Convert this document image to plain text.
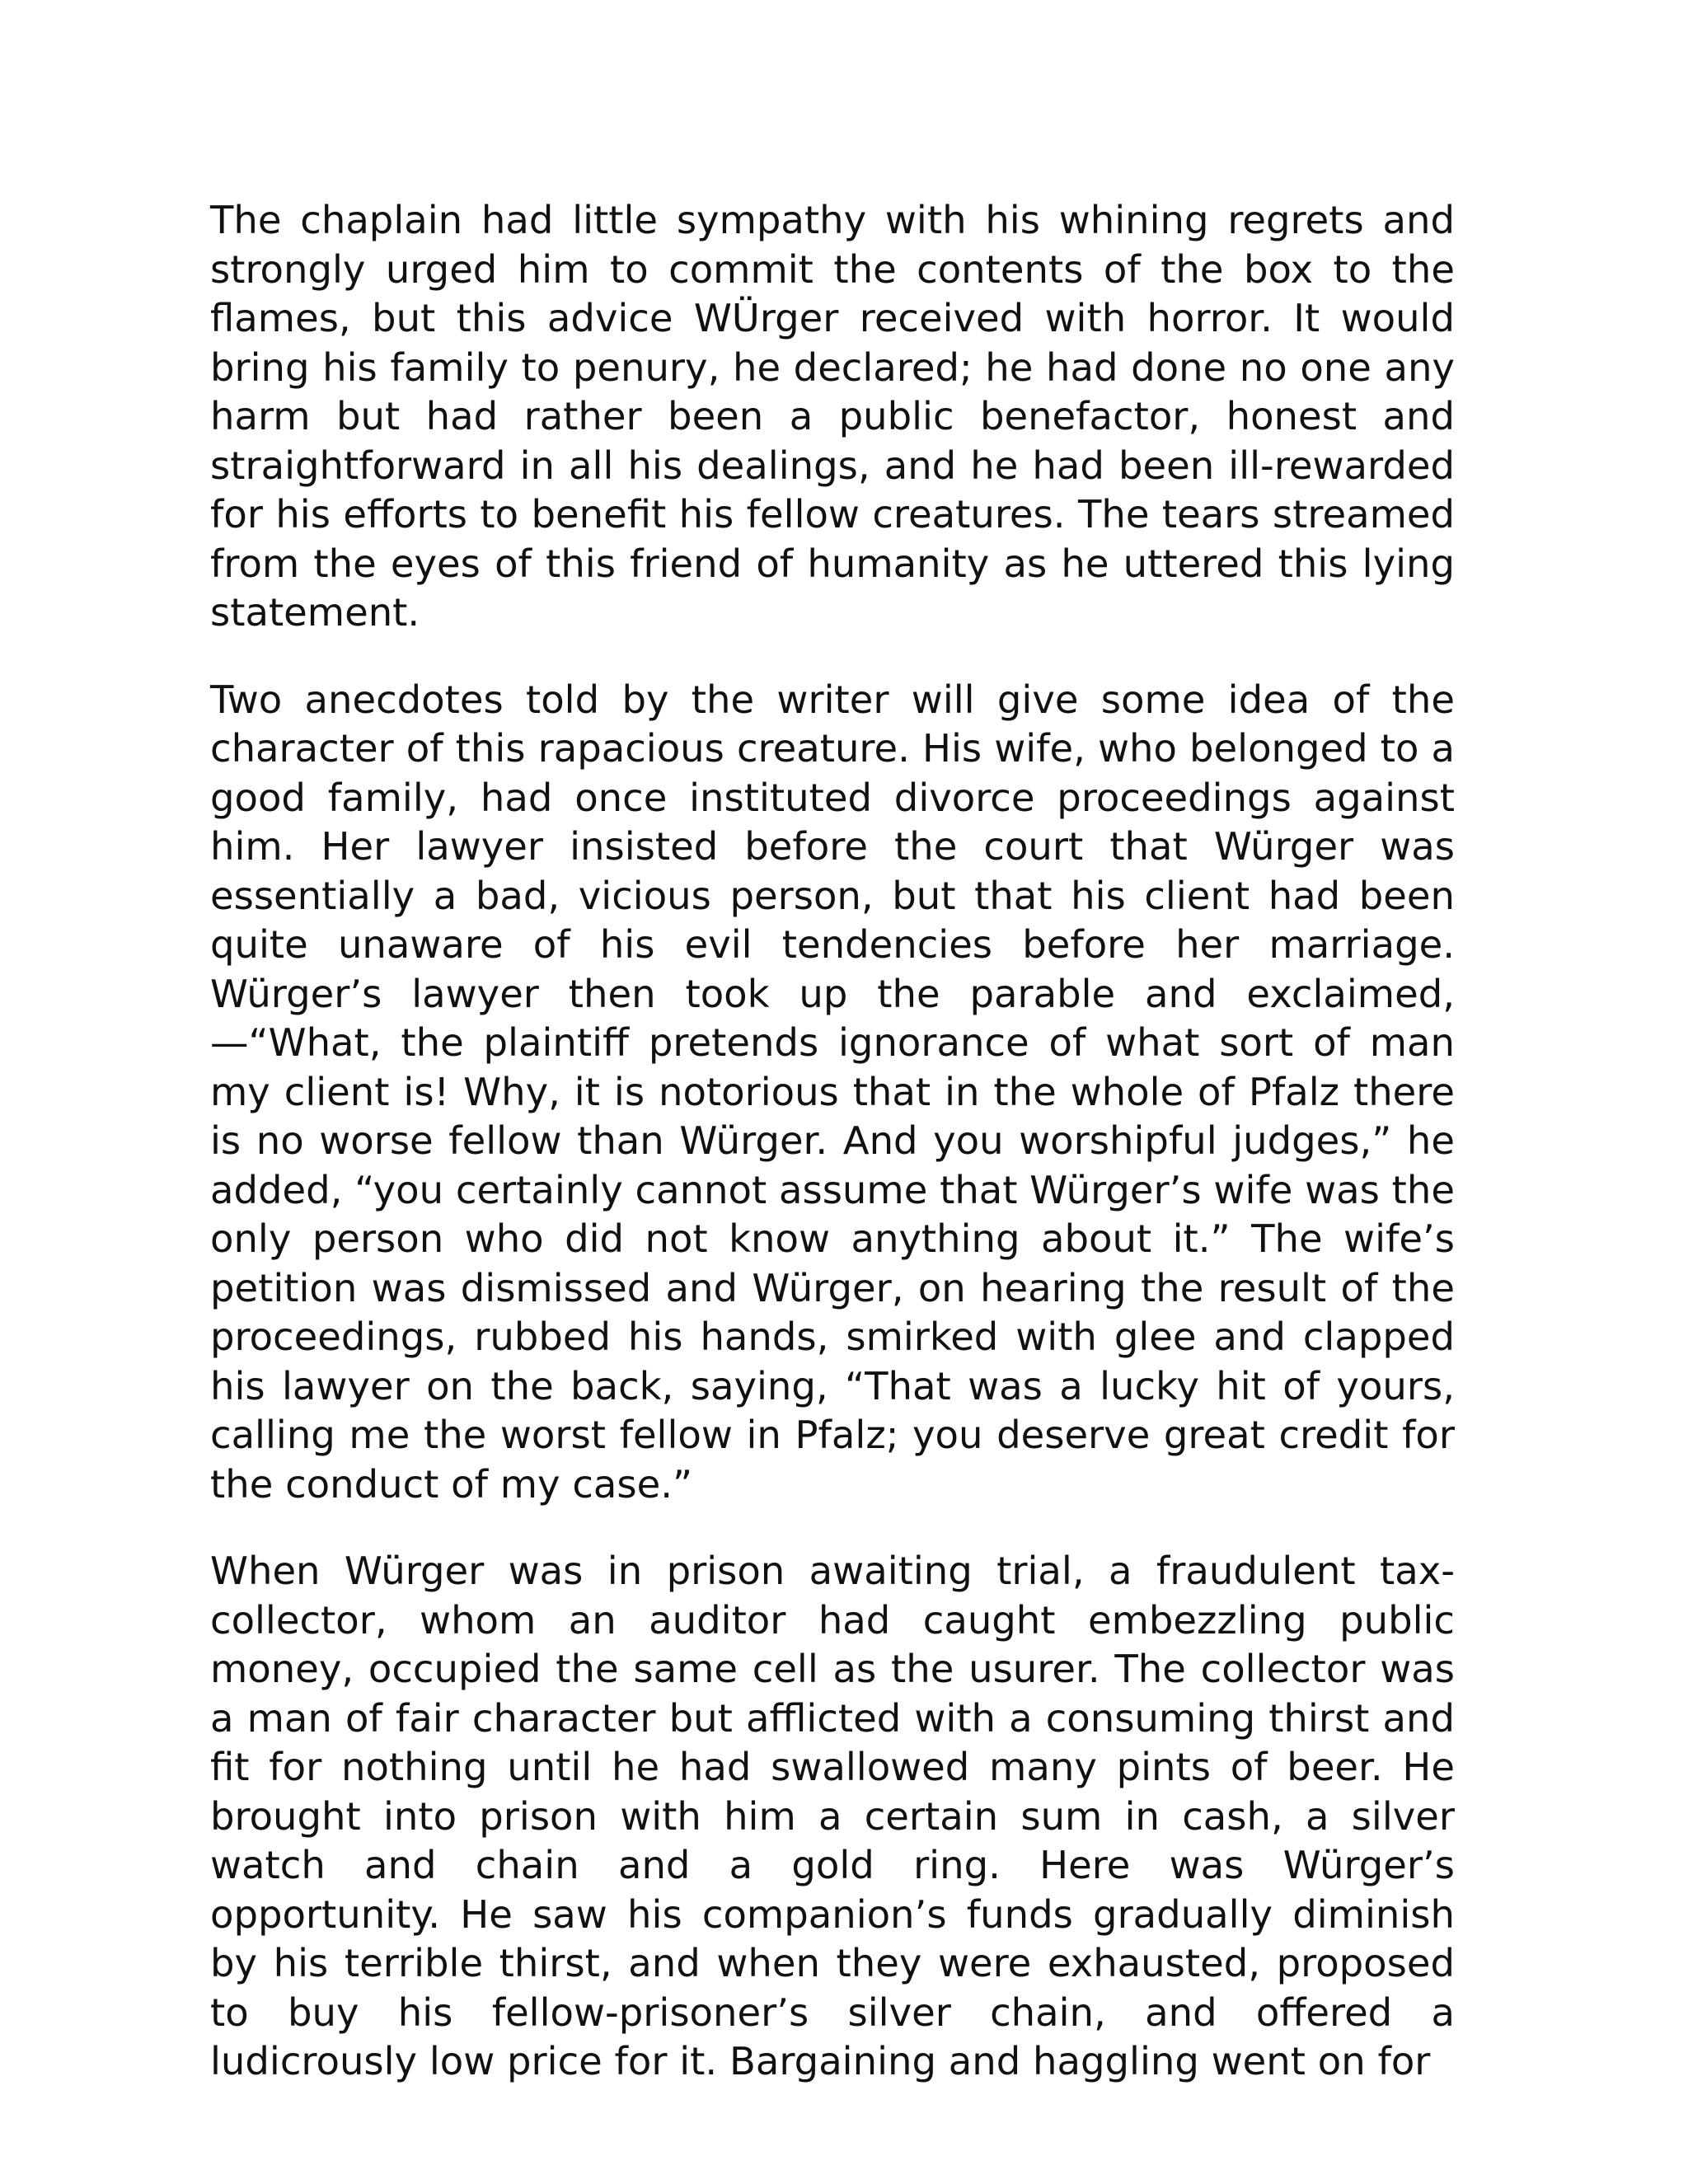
The chaplain had little sympathy with his whining regrets and strongly urged him to commit the contents of the box to the flames, but this advice WÜrger received with horror. It would bring his family to penury, he declared; he had done no one any harm but had rather been a public benefactor, honest and straightforward in all his dealings, and he had been ill-rewarded for his efforts to benefit his fellow creatures. The tears streamed from the eyes of this friend of humanity as he uttered this lying statement.

Two anecdotes told by the writer will give some idea of the character of this rapacious creature. His wife, who belonged to a good family, had once instituted divorce proceedings against him. Her lawyer insisted before the court that Würger was essentially a bad, vicious person, but that his client had been quite unaware of his evil tendencies before her marriage. Würger’s lawyer then took up the parable and exclaimed,—“What, the plaintiff pretends ignorance of what sort of man my client is! Why, it is notorious that in the whole of Pfalz there is no worse fellow than Würger. And you worshipful judges,” he added, “you certainly cannot assume that Würger’s wife was the only person who did not know anything about it.” The wife’s petition was dismissed and Würger, on hearing the result of the proceedings, rubbed his hands, smirked with glee and clapped his lawyer on the back, saying, “That was a lucky hit of yours, calling me the worst fellow in Pfalz; you deserve great credit for the conduct of my case.”

When Würger was in prison awaiting trial, a fraudulent tax-collector, whom an auditor had caught embezzling public money, occupied the same cell as the usurer. The collector was a man of fair character but afflicted with a consuming thirst and fit for nothing until he had swallowed many pints of beer. He brought into prison with him a certain sum in cash, a silver watch and chain and a gold ring. Here was Würger’s opportunity. He saw his companion’s funds gradually diminish by his terrible thirst, and when they were exhausted, proposed to buy his fellow-prisoner’s silver chain, and offered a ludicrously low price for it. Bargaining and haggling went on for
